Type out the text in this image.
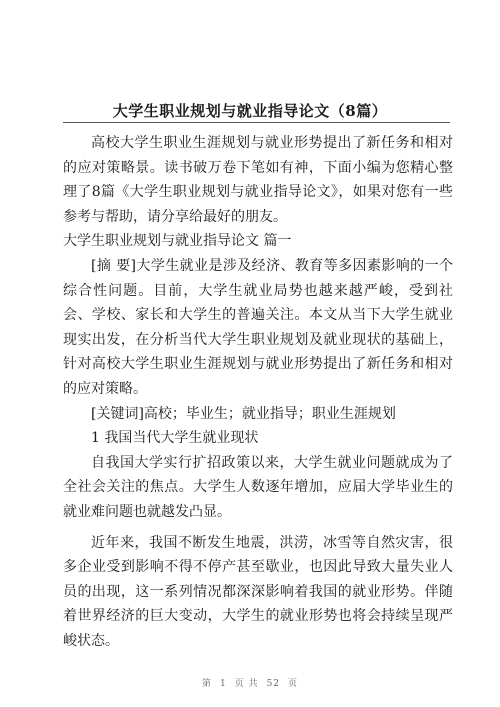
大学生职业规划与就业指导论文（8篇）

高校大学生职业生涯规划与就业形势提出了新任务和相对的应对策略景。读书破万卷下笔如有神，下面小编为您精心整理了8篇《大学生职业规划与就业指导论文》，如果对您有一些参考与帮助，请分享给最好的朋友。

大学生职业规划与就业指导论文 篇一

[摘 要]大学生就业是涉及经济、教育等多因素影响的一个综合性问题。目前，大学生就业局势也越来越严峻，受到社会、学校、家长和大学生的普遍关注。本文从当下大学生就业现实出发，在分析当代大学生职业规划及就业现状的基础上，针对高校大学生职业生涯规划与就业形势提出了新任务和相对的应对策略。

[关键词]高校；毕业生；就业指导；职业生涯规划

1 我国当代大学生就业现状

自我国大学实行扩招政策以来，大学生就业问题就成为了全社会关注的焦点。大学生人数逐年增加，应届大学毕业生的就业难问题也就越发凸显。

近年来，我国不断发生地震，洪涝，冰雪等自然灾害，很多企业受到影响不得不停产甚至歇业，也因此导致大量失业人员的出现，这一系列情况都深深影响着我国的就业形势。伴随着世界经济的巨大变动，大学生的就业形势也将会持续呈现严峻状态。

第 1 页 共 52 页
